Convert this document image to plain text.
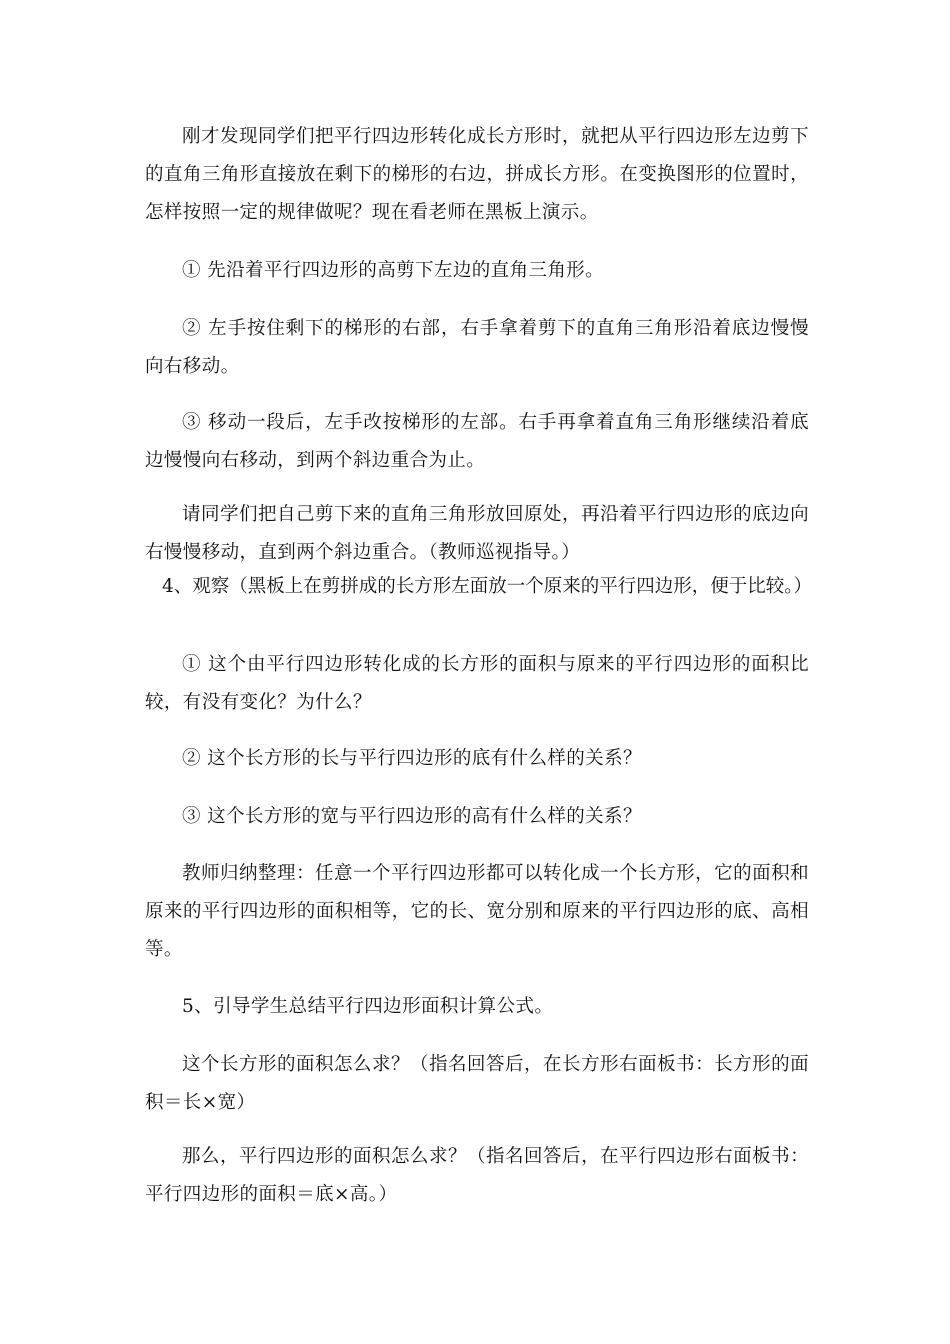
刚才发现同学们把平行四边形转化成长方形时，就把从平行四边形左边剪下的直角三角形直接放在剩下的梯形的右边，拼成长方形。在变换图形的位置时，怎样按照一定的规律做呢？现在看老师在黑板上演示。

① 先沿着平行四边形的高剪下左边的直角三角形。

② 左手按住剩下的梯形的右部，右手拿着剪下的直角三角形沿着底边慢慢向右移动。

③ 移动一段后，左手改按梯形的左部。右手再拿着直角三角形继续沿着底边慢慢向右移动，到两个斜边重合为止。

请同学们把自己剪下来的直角三角形放回原处，再沿着平行四边形的底边向右慢慢移动，直到两个斜边重合。（教师巡视指导。）

4、观察（黑板上在剪拼成的长方形左面放一个原来的平行四边形，便于比较。）

① 这个由平行四边形转化成的长方形的面积与原来的平行四边形的面积比较，有没有变化？为什么？

② 这个长方形的长与平行四边形的底有什么样的关系？

③ 这个长方形的宽与平行四边形的高有什么样的关系？

教师归纳整理：任意一个平行四边形都可以转化成一个长方形，它的面积和原来的平行四边形的面积相等，它的长、宽分别和原来的平行四边形的底、高相等。

5、引导学生总结平行四边形面积计算公式。

这个长方形的面积怎么求？（指名回答后，在长方形右面板书：长方形的面积＝长×宽）

那么，平行四边形的面积怎么求？（指名回答后，在平行四边形右面板书：平行四边形的面积＝底×高。）
